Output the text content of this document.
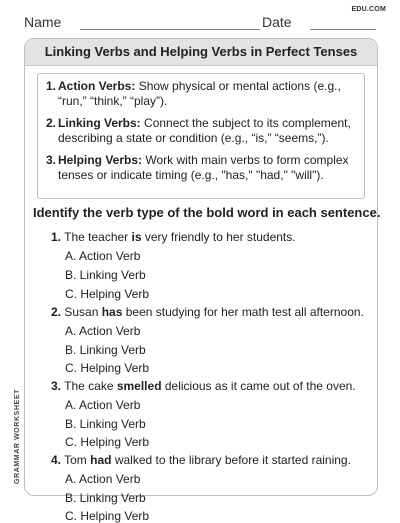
EDU.COM
Name	Date
Linking Verbs and Helping Verbs in Perfect Tenses
1. Action Verbs: Show physical or mental actions (e.g., “run,” “think,” “play”).
2. Linking Verbs: Connect the subject to its complement, describing a state or condition (e.g., “is,” “seems,”).
3. Helping Verbs: Work with main verbs to form complex tenses or indicate timing (e.g., "has," "had," "will").
Identify the verb type of the bold word in each sentence.
1. The teacher is very friendly to her students.
A. Action Verb
B. Linking Verb
C. Helping Verb
2. Susan has been studying for her math test all afternoon.
A. Action Verb
B. Linking Verb
C. Helping Verb
3. The cake smelled delicious as it came out of the oven.
A. Action Verb
B. Linking Verb
C. Helping Verb
4. Tom had walked to the library before it started raining.
A. Action Verb
B. Linking Verb
C. Helping Verb
GRAMMAR WORKSHEET
